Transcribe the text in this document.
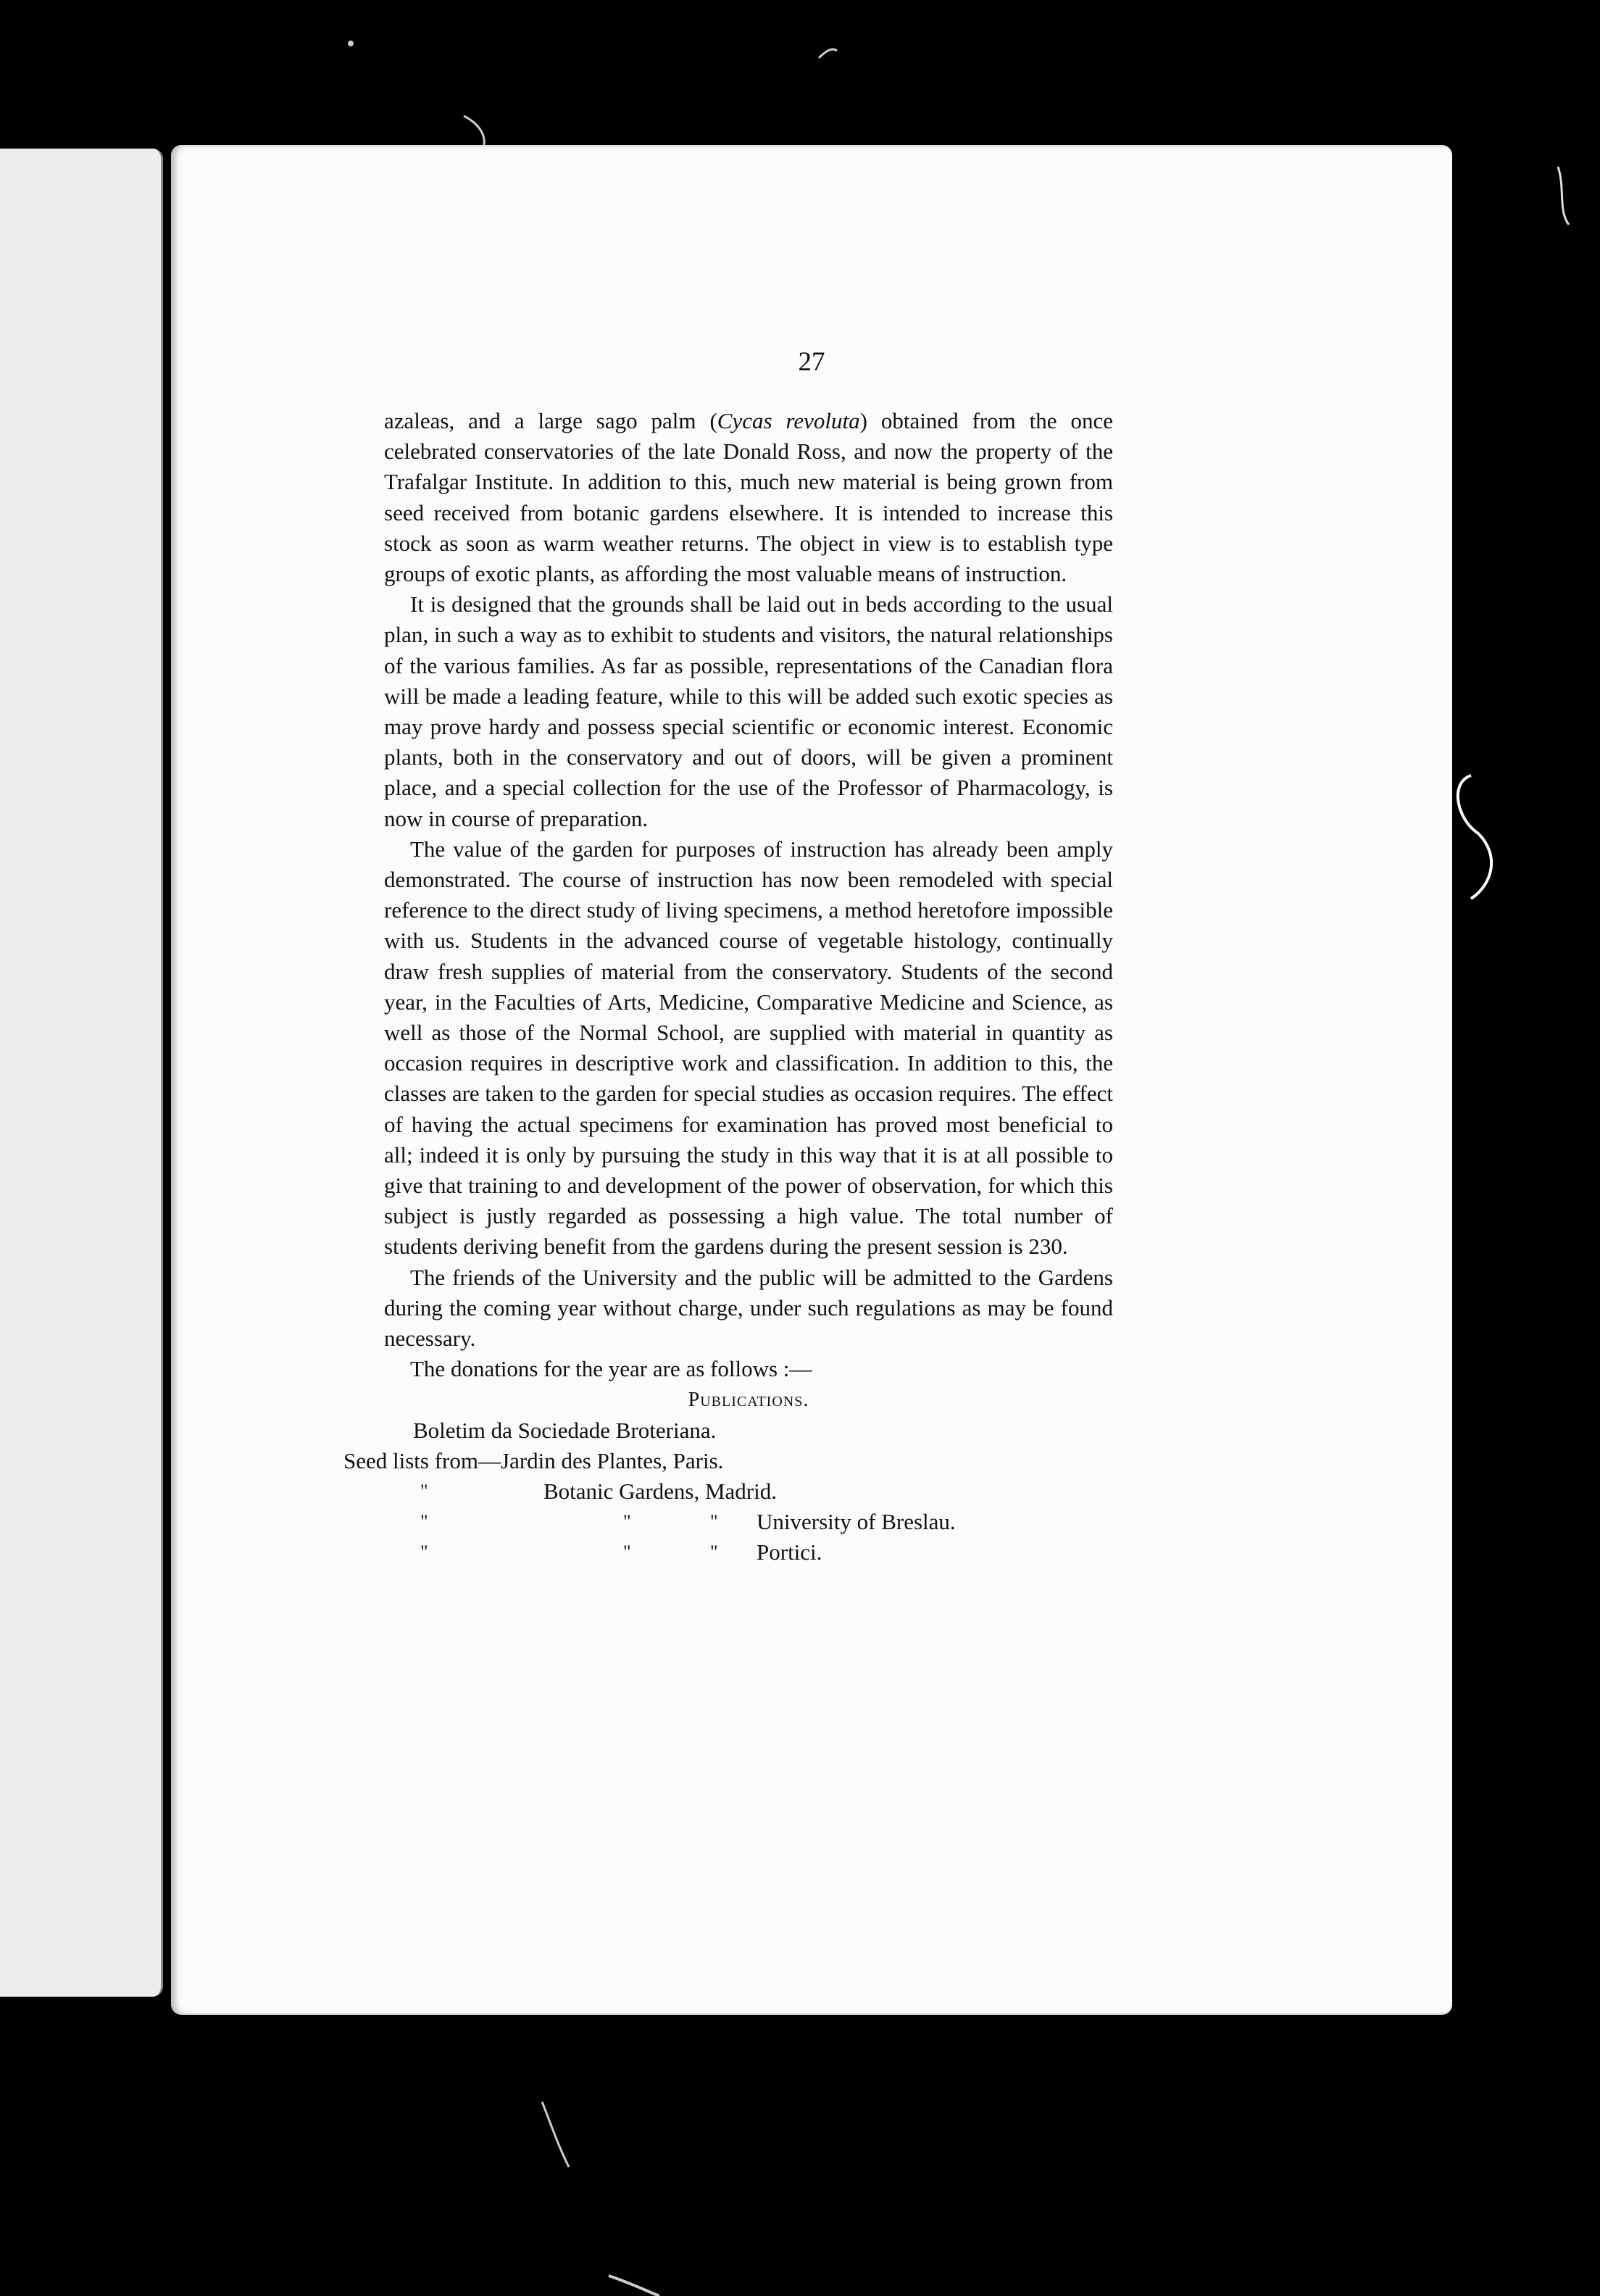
27

azaleas, and a large sago palm (Cycas revoluta) obtained from the once celebrated conservatories of the late Donald Ross, and now the property of the Trafalgar Institute. In addition to this, much new material is being grown from seed received from botanic gardens elsewhere. It is intended to increase this stock as soon as warm weather returns. The object in view is to establish type groups of exotic plants, as affording the most valuable means of instruction.

It is designed that the grounds shall be laid out in beds according to the usual plan, in such a way as to exhibit to students and visitors, the natural relationships of the various families. As far as possible, representations of the Canadian flora will be made a leading feature, while to this will be added such exotic species as may prove hardy and possess special scientific or economic interest. Economic plants, both in the conservatory and out of doors, will be given a prominent place, and a special collection for the use of the Professor of Pharmacology, is now in course of preparation.

The value of the garden for purposes of instruction has already been amply demonstrated. The course of instruction has now been remodeled with special reference to the direct study of living specimens, a method heretofore impossible with us. Students in the advanced course of vegetable histology, continually draw fresh supplies of material from the conservatory. Students of the second year, in the Faculties of Arts, Medicine, Comparative Medicine and Science, as well as those of the Normal School, are supplied with material in quantity as occasion requires in descriptive work and classification. In addition to this, the classes are taken to the garden for special studies as occasion requires. The effect of having the actual specimens for examination has proved most beneficial to all; indeed it is only by pursuing the study in this way that it is at all possible to give that training to and development of the power of observation, for which this subject is justly regarded as possessing a high value. The total number of students deriving benefit from the gardens during the present session is 230.

The friends of the University and the public will be admitted to the Gardens during the coming year without charge, under such regulations as may be found necessary.

The donations for the year are as follows :—

Publications.

Boletim da Sociedade Broteriana.
Seed lists from— Jardin des Plantes, Paris.
"	Botanic Gardens, Madrid.
"	"	"	University of Breslau.
"	"	"	Portici.
